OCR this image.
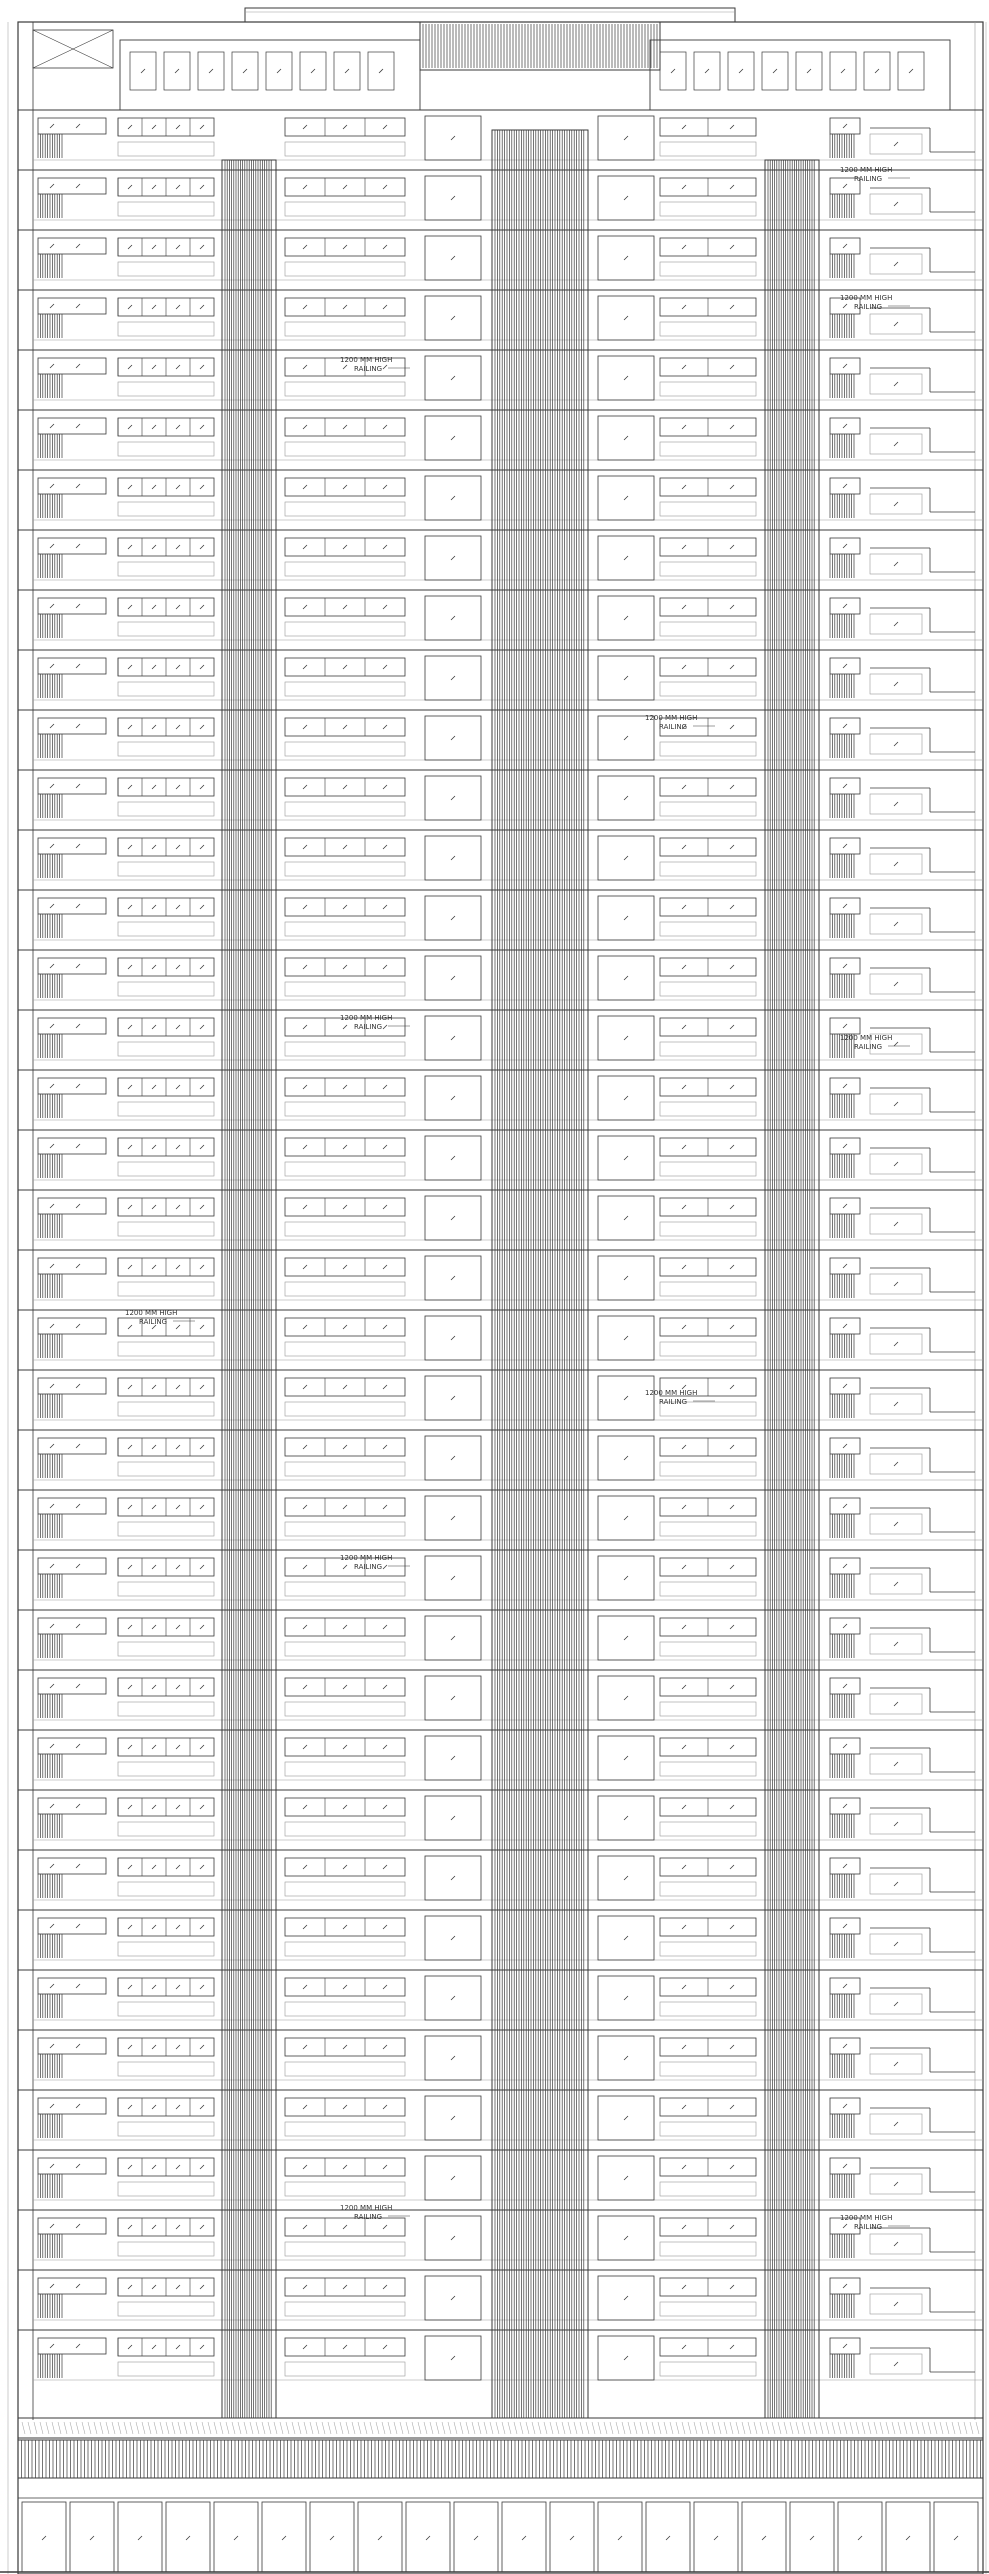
1200 MM HIGH
RAILING
1200 MM HIGH
RAILING
1200 MM HIGH
RAILING
1200 MM HIGH
RAILING
1200 MM HIGH
RAILING
1200 MM HIGH
RAILING
1200 MM HIGH
RAILING
1200 MM HIGH
RAILING
1200 MM HIGH
RAILING
1200 MM HIGH
RAILING	1200 MM HIGH
RAILING
